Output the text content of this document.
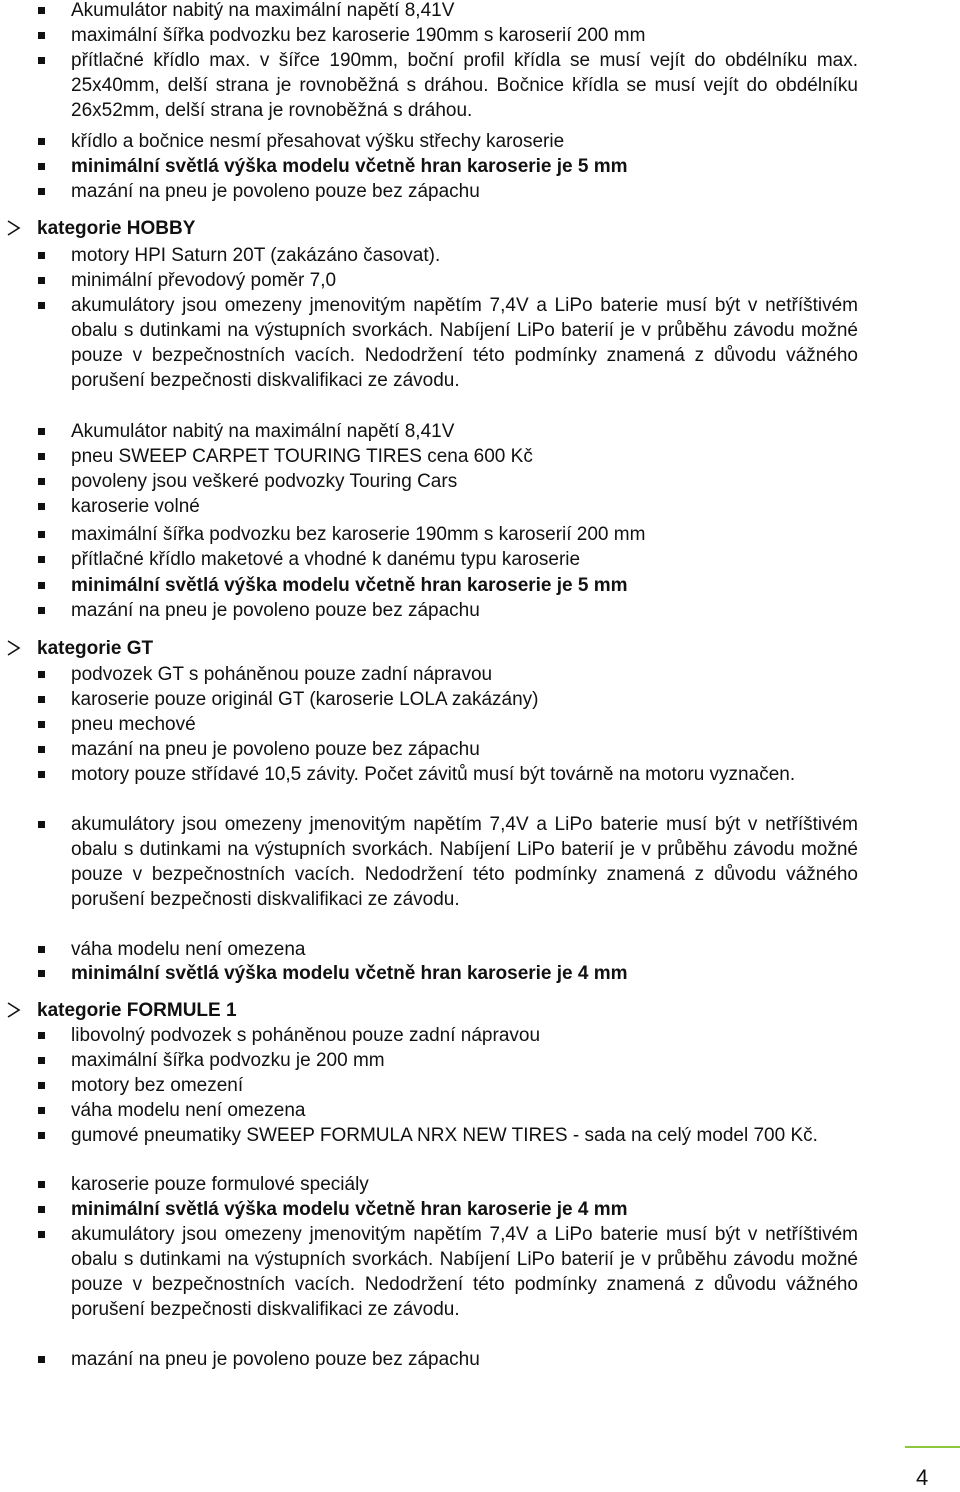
Akumulátor nabitý na maximální napětí 8,41V
maximální šířka podvozku bez karoserie 190mm s karoserií 200 mm
přítlačné křídlo max. v šířce 190mm, boční profil křídla se musí vejít do obdélníku max. 25x40mm, delší strana je rovnoběžná s dráhou. Bočnice křídla se musí vejít do obdélníku 26x52mm, delší strana je rovnoběžná s dráhou.
křídlo a bočnice nesmí přesahovat výšku střechy karoserie
minimální světlá výška modelu včetně hran karoserie je 5 mm
mazání na pneu je povoleno pouze bez zápachu
kategorie HOBBY
motory HPI Saturn 20T (zakázáno časovat).
minimální převodový poměr 7,0
akumulátory jsou omezeny jmenovitým napětím 7,4V a LiPo baterie musí být v netříštivém obalu s dutinkami na výstupních svorkách. Nabíjení LiPo baterií je v průběhu závodu možné pouze v bezpečnostních vacích. Nedodržení této podmínky znamená z důvodu vážného porušení bezpečnosti diskvalifikaci ze závodu.
Akumulátor nabitý na maximální napětí 8,41V
pneu SWEEP CARPET TOURING TIRES cena 600 Kč
povoleny jsou veškeré podvozky Touring Cars
karoserie volné
maximální šířka podvozku bez karoserie 190mm s karoserií 200 mm
přítlačné křídlo maketové a vhodné k danému typu karoserie
minimální světlá výška modelu včetně hran karoserie je 5 mm
mazání na pneu je povoleno pouze bez zápachu
kategorie GT
podvozek GT s poháněnou pouze zadní nápravou
karoserie pouze originál GT (karoserie LOLA zakázány)
pneu mechové
mazání na pneu je povoleno pouze bez zápachu
motory pouze střídavé 10,5 závity. Počet závitů musí být továrně na motoru vyznačen.
akumulátory jsou omezeny jmenovitým napětím 7,4V a LiPo baterie musí být v netříštivém obalu s dutinkami na výstupních svorkách. Nabíjení LiPo baterií je v průběhu závodu možné pouze v bezpečnostních vacích. Nedodržení této podmínky znamená z důvodu vážného porušení bezpečnosti diskvalifikaci ze závodu.
váha modelu není omezena
minimální světlá výška modelu včetně hran karoserie je 4 mm
kategorie FORMULE 1
libovolný podvozek s poháněnou pouze zadní nápravou
maximální šířka podvozku je 200 mm
motory bez omezení
váha modelu není omezena
gumové pneumatiky SWEEP FORMULA NRX NEW TIRES - sada na celý model 700 Kč.
karoserie pouze formulové speciály
minimální světlá výška modelu včetně hran karoserie je 4 mm
akumulátory jsou omezeny jmenovitým napětím 7,4V a LiPo baterie musí být v netříštivém obalu s dutinkami na výstupních svorkách. Nabíjení LiPo baterií je v průběhu závodu možné pouze v bezpečnostních vacích. Nedodržení této podmínky znamená z důvodu vážného porušení bezpečnosti diskvalifikaci ze závodu.
mazání na pneu je povoleno pouze bez zápachu
4
